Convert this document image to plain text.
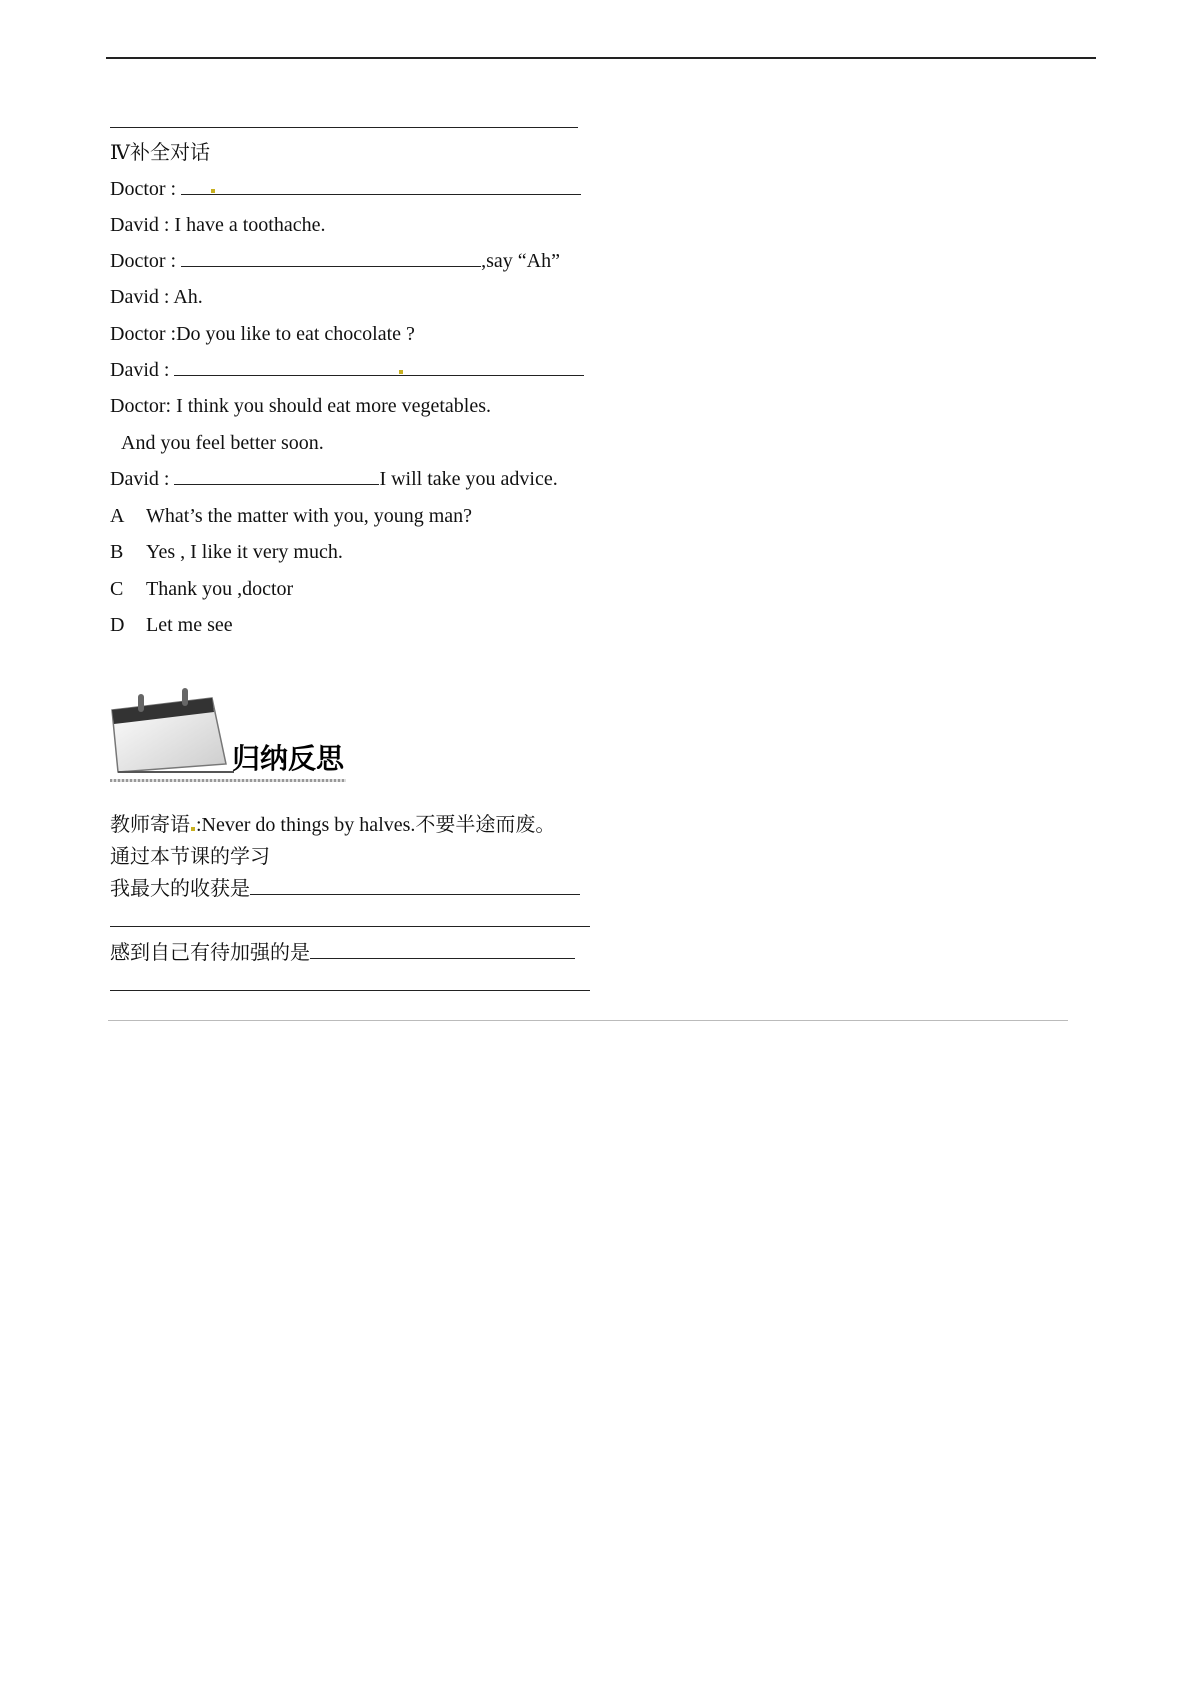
Ⅳ补全对话
Doctor :
David : I have a toothache.
Doctor :	,say “Ah”
David : Ah.
Doctor :Do you like to eat chocolate ?
David :
Doctor: I think you should eat more vegetables.
And you feel better soon.
David :	I will take you advice.
A What’s the matter with you, young man?
B Yes , I like it very much.
C Thank you ,doctor
D Let me see
归纳反思
教师寄语 :Never do things by halves.不要半途而废。
通过本节课的学习
我最大的收获是
感到自己有待加强的是
